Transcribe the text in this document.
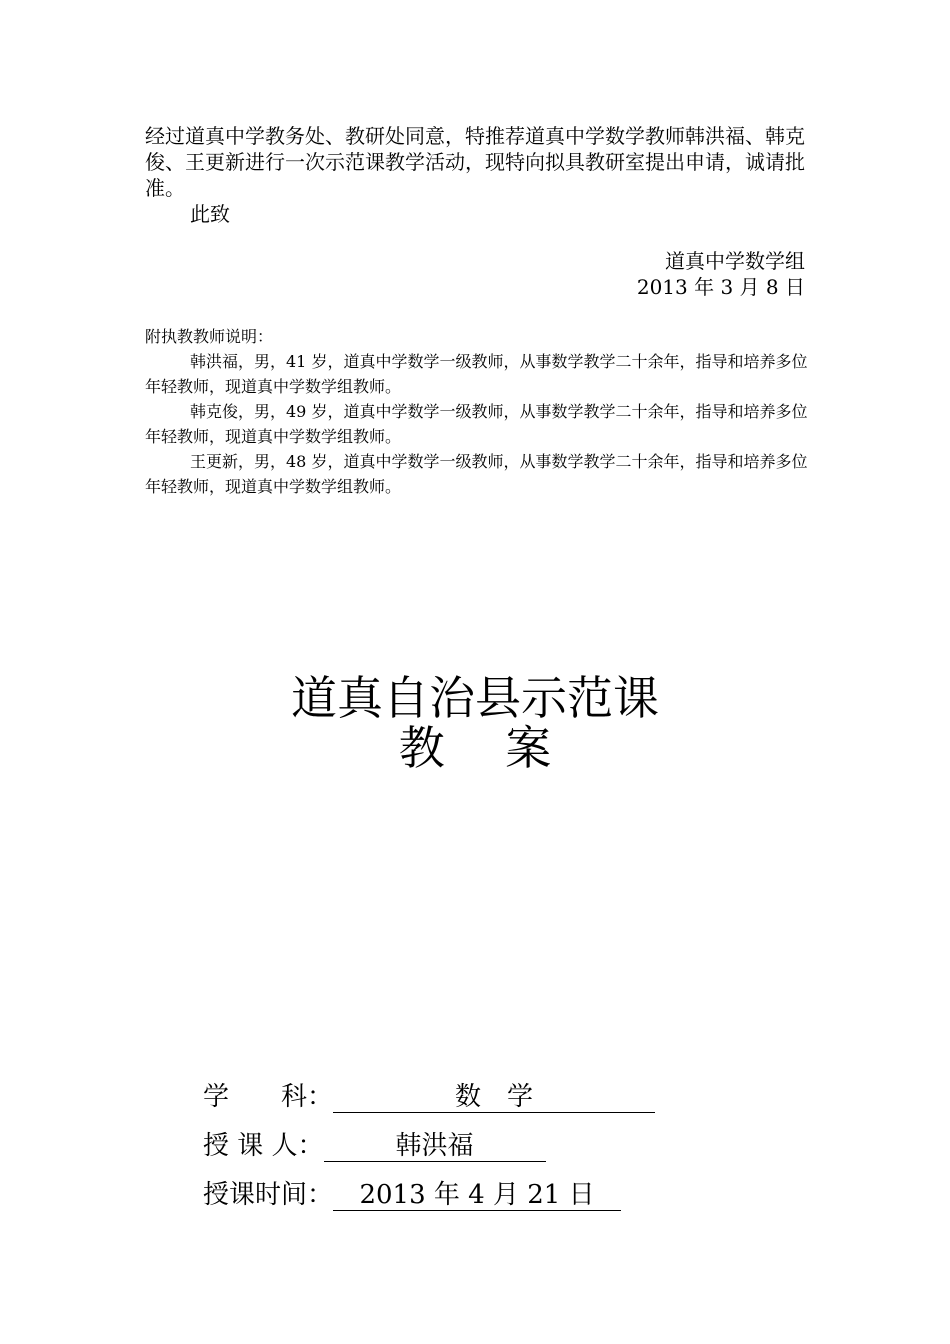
经过道真中学教务处、教研处同意，特推荐道真中学数学教师韩洪福、韩克俊、王更新进行一次示范课教学活动，现特向拟具教研室提出申请，诚请批准。

此致
道真中学数学组
2013 年 3 月 8 日

附执教教师说明：

韩洪福，男，41 岁，道真中学数学一级教师，从事数学教学二十余年，指导和培养多位年轻教师，现道真中学数学组教师。

韩克俊，男，49 岁，道真中学数学一级教师，从事数学教学二十余年，指导和培养多位年轻教师，现道真中学数学组教师。

王更新，男，48 岁，道真中学数学一级教师，从事数学教学二十余年，指导和培养多位年轻教师，现道真中学数学组教师。

道真自治县示范课
教　 案
学　　科：	数　学
授 课 人：	韩洪福
授课时间： 2013 年 4 月 21 日
